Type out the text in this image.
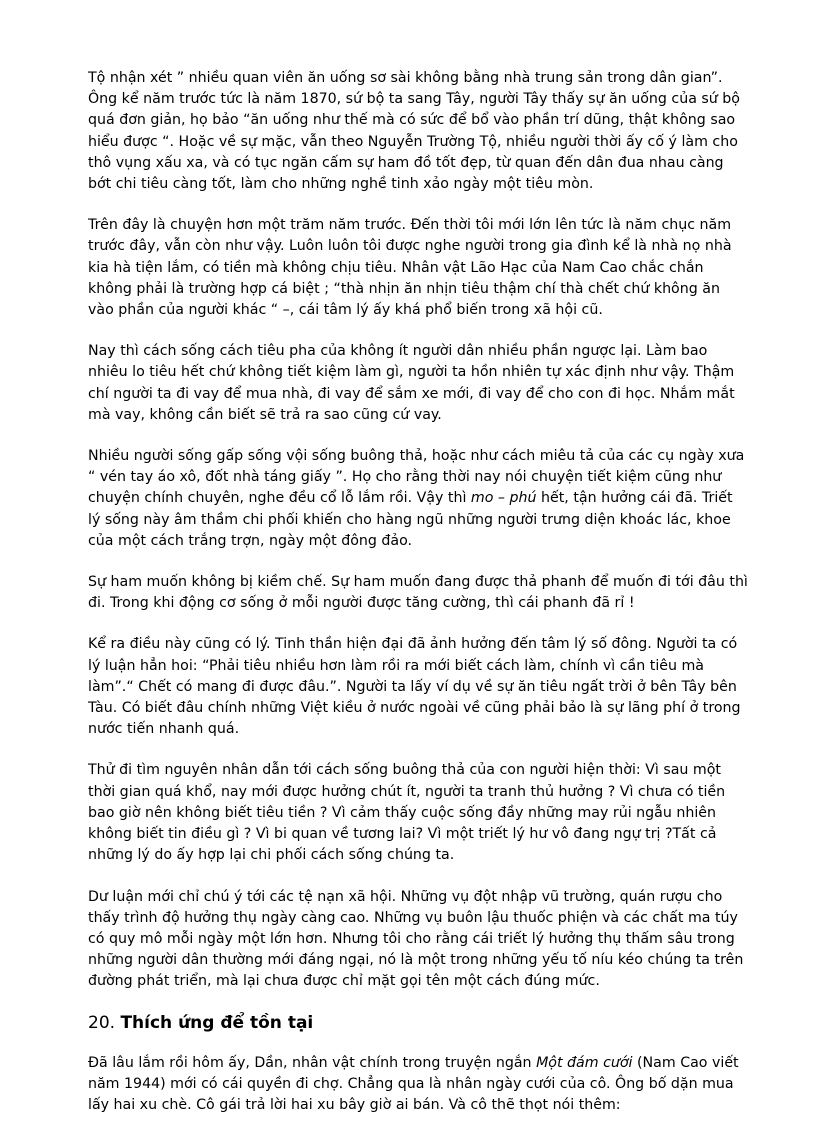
Tộ nhận xét ” nhiều quan viên ăn uống sơ sài không bằng nhà trung sản trong dân gian”. Ông kể năm trước tức là năm 1870, sứ bộ ta sang Tây, người Tây thấy sự ăn uống của sứ bộ quá đơn giản, họ bảo “ăn uống như thế mà có sức để bổ vào phần trí dũng, thật không sao hiểu được “. Hoặc về sự mặc, vẫn theo Nguyễn Trường Tộ, nhiều người thời ấy cố ý làm cho thô vụng xấu xa, và có tục ngăn cấm sự ham đồ tốt đẹp, từ quan đến dân đua nhau càng bớt chi tiêu càng tốt, làm cho những nghề tinh xảo ngày một tiêu mòn.

Trên đây là chuyện hơn một trăm năm trước. Đến thời tôi mới lớn lên tức là năm chục năm trước đây, vẫn còn như vậy. Luôn luôn tôi được nghe người trong gia đình kể là nhà nọ nhà kia hà tiện lắm, có tiền mà không chịu tiêu. Nhân vật Lão Hạc của Nam Cao chắc chắn không phải là trường hợp cá biệt ; “thà nhịn ăn nhịn tiêu thậm chí thà chết chứ không ăn vào phần của người khác “ –, cái tâm lý ấy khá phổ biến trong xã hội cũ.

Nay thì cách sống cách tiêu pha của không ít người dân nhiều phần ngược lại. Làm bao nhiêu lo tiêu hết chứ không tiết kiệm làm gì, người ta hồn nhiên tự xác định như vậy. Thậm chí người ta đi vay để mua nhà, đi vay để sắm xe mới, đi vay để cho con đi học. Nhắm mắt mà vay, không cần biết sẽ trả ra sao cũng cứ vay.

Nhiều người sống gấp sống vội sống buông thả, hoặc như cách miêu tả của các cụ ngày xưa “ vén tay áo xô, đốt nhà táng giấy ”. Họ cho rằng thời nay nói chuyện tiết kiệm cũng như chuyện chính chuyên, nghe đều cổ lỗ lắm rồi. Vậy thì mo – phú hết, tận hưởng cái đã. Triết lý sống này âm thầm chi phối khiến cho hàng ngũ những người trưng diện khoác lác, khoe của một cách trắng trợn, ngày một đông đảo.

Sự ham muốn không bị kiềm chế. Sự ham muốn đang được thả phanh để muốn đi tới đâu thì đi. Trong khi động cơ sống ở mỗi người được tăng cường, thì cái phanh đã rỉ !

Kể ra điều này cũng có lý. Tinh thần hiện đại đã ảnh hưởng đến tâm lý số đông. Người ta có lý luận hẳn hoi: “Phải tiêu nhiều hơn làm rồi ra mới biết cách làm, chính vì cần tiêu mà làm”.“ Chết có mang đi được đâu.”. Người ta lấy ví dụ về sự ăn tiêu ngất trời ở bên Tây bên Tàu. Có biết đâu chính những Việt kiều ở nước ngoài về cũng phải bảo là sự lãng phí ở trong nước tiến nhanh quá.

Thử đi tìm nguyên nhân dẫn tới cách sống buông thả của con người hiện thời: Vì sau một thời gian quá khổ, nay mới được hưởng chút ít, người ta tranh thủ hưởng ? Vì chưa có tiền bao giờ nên không biết tiêu tiền ? Vì cảm thấy cuộc sống đầy những may rủi ngẫu nhiên không biết tin điều gì ? Vì bi quan về tương lai? Vì một triết lý hư vô đang ngự trị ?Tất cả những lý do ấy hợp lại chi phối cách sống chúng ta.

Dư luận mới chỉ chú ý tới các tệ nạn xã hội. Những vụ đột nhập vũ trường, quán rượu cho thấy trình độ hưởng thụ ngày càng cao. Những vụ buôn lậu thuốc phiện và các chất ma túy có quy mô mỗi ngày một lớn hơn. Nhưng tôi cho rằng cái triết lý hưởng thụ thấm sâu trong những người dân thường mới đáng ngại, nó là một trong những yếu tố níu kéo chúng ta trên đường phát triển, mà lại chưa được chỉ mặt gọi tên một cách đúng mức.

20. Thích ứng để tồn tại

Đã lâu lắm rồi hôm ấy, Dần, nhân vật chính trong truyện ngắn Một đám cưới (Nam Cao viết năm 1944) mới có cái quyền đi chợ. Chẳng qua là nhân ngày cưới của cô. Ông bố dặn mua lấy hai xu chè. Cô gái trả lời hai xu bây giờ ai bán. Và cô thẽ thọt nói thêm:
